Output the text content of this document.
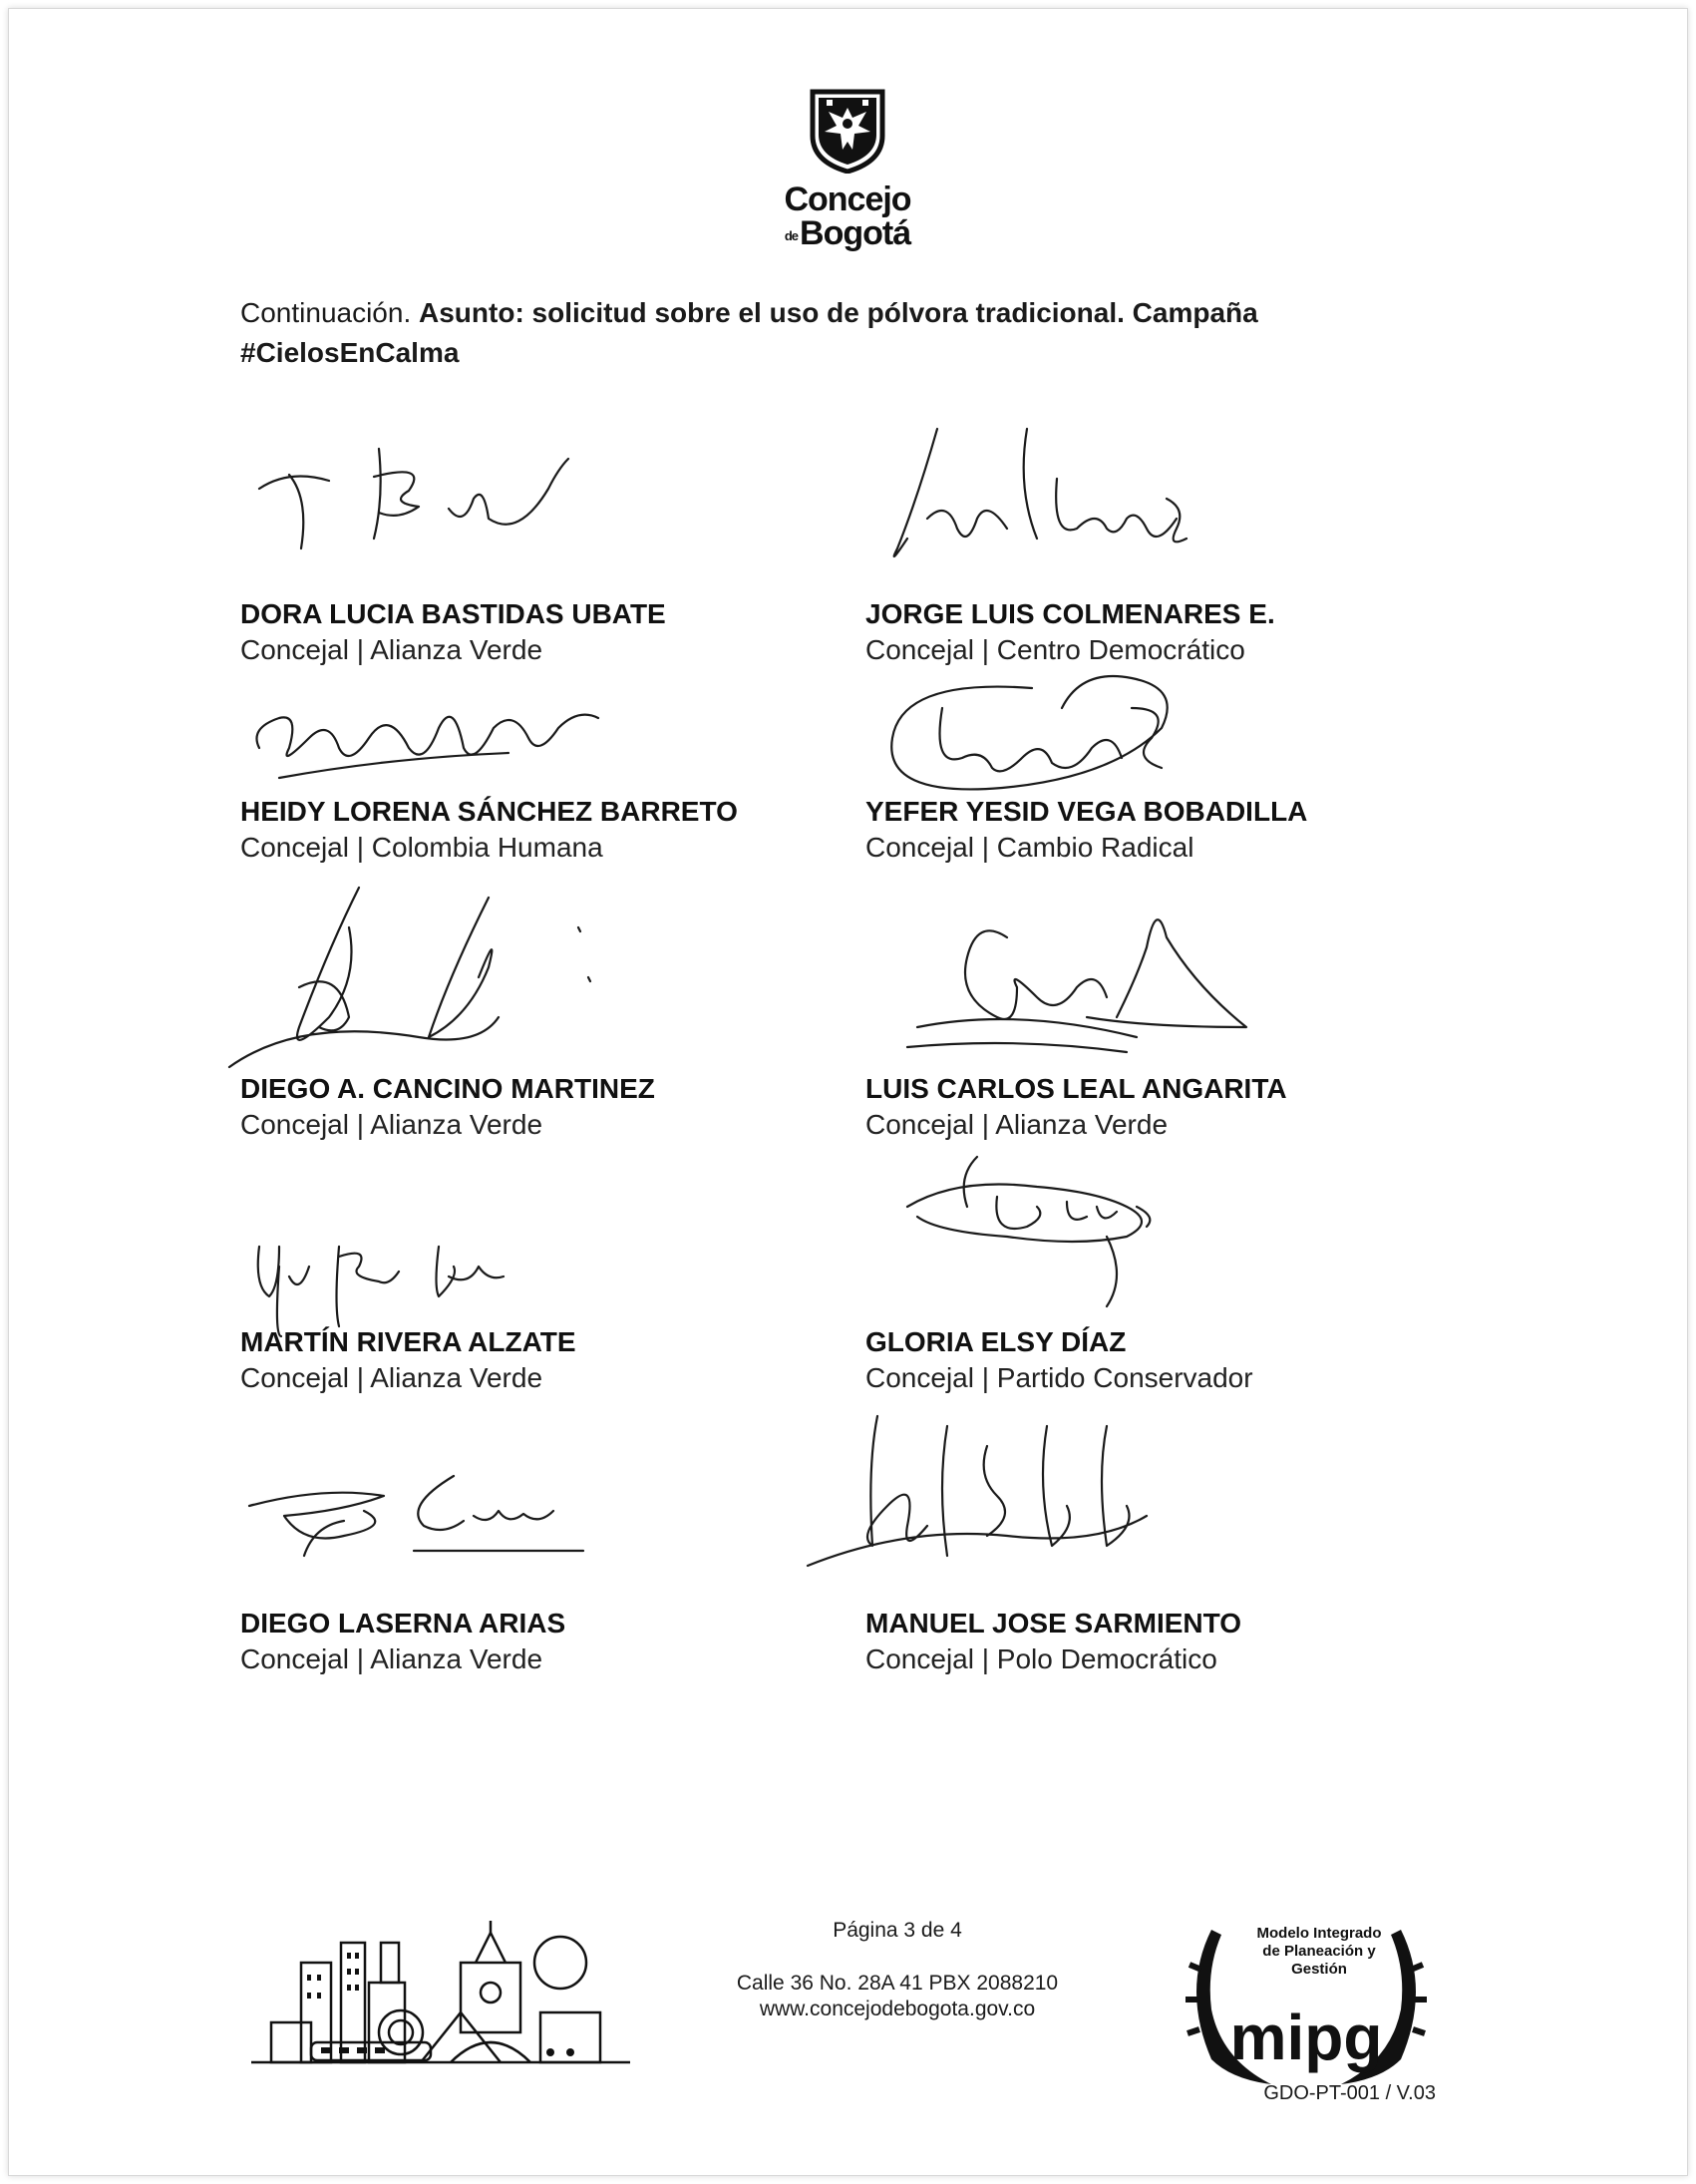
Concejo
deBogotá
Continuación. Asunto: solicitud sobre el uso de pólvora tradicional. Campaña #CielosEnCalma
DORA LUCIA BASTIDAS UBATE
Concejal | Alianza Verde
JORGE LUIS COLMENARES E.
Concejal | Centro Democrático
HEIDY LORENA SÁNCHEZ BARRETO
Concejal | Colombia Humana
YEFER YESID VEGA BOBADILLA
Concejal | Cambio Radical
DIEGO A. CANCINO MARTINEZ
Concejal | Alianza Verde
LUIS CARLOS LEAL ANGARITA
Concejal | Alianza Verde
MARTÍN RIVERA ALZATE
Concejal | Alianza Verde
GLORIA ELSY DÍAZ
Concejal | Partido Conservador
DIEGO LASERNA ARIAS
Concejal | Alianza Verde
MANUEL JOSE SARMIENTO
Concejal | Polo Democrático
Página 3 de 4
Calle 36 No. 28A 41 PBX 2088210
www.concejodebogota.gov.co	mipg
Modelo Integrado
de Planeación y
Gestión
GDO-PT-001 / V.03
